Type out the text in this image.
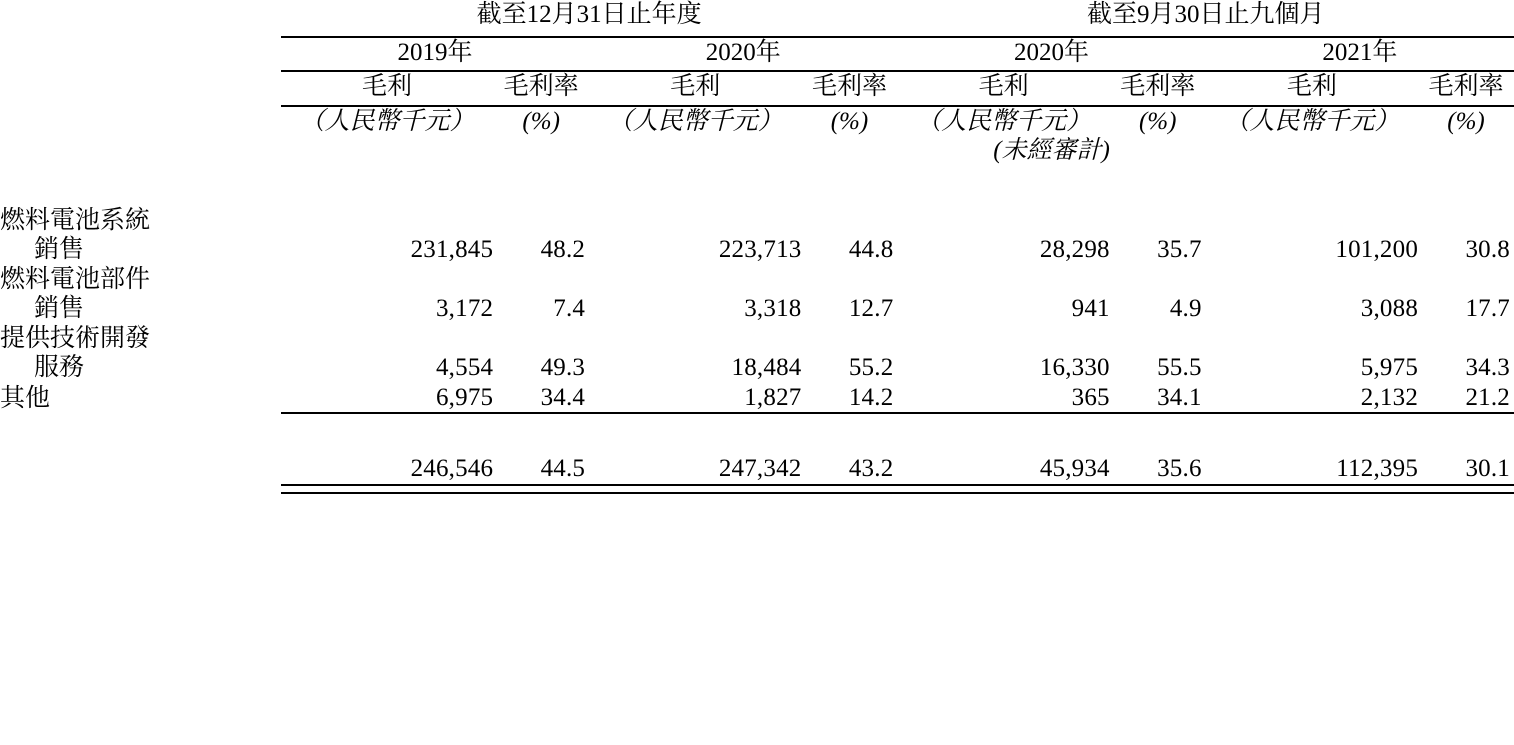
	截至12月31日止年度				截至9月30日止九個月			

	2019年		2020年		2020年		2021年	

	毛利	毛利率	毛利	毛利率	毛利	毛利率	毛利	毛利率

	（人民幣千元）	(%)	（人民幣千元）	(%)	（人民幣千元）	(%)	（人民幣千元）	(%)
					(未經審計)			

燃料電池系統								
銷售	231,845	48.2	223,713	44.8	28,298	35.7	101,200	30.8
燃料電池部件								
銷售	3,172	7.4	3,318	12.7	941	4.9	3,088	17.7
提供技術開發								
服務	4,554	49.3	18,484	55.2	16,330	55.5	5,975	34.3
其他	6,975	34.4	1,827	14.2	365	34.1	2,132	21.2

	246,546	44.5	247,342	43.2	45,934	35.6	112,395	30.1
